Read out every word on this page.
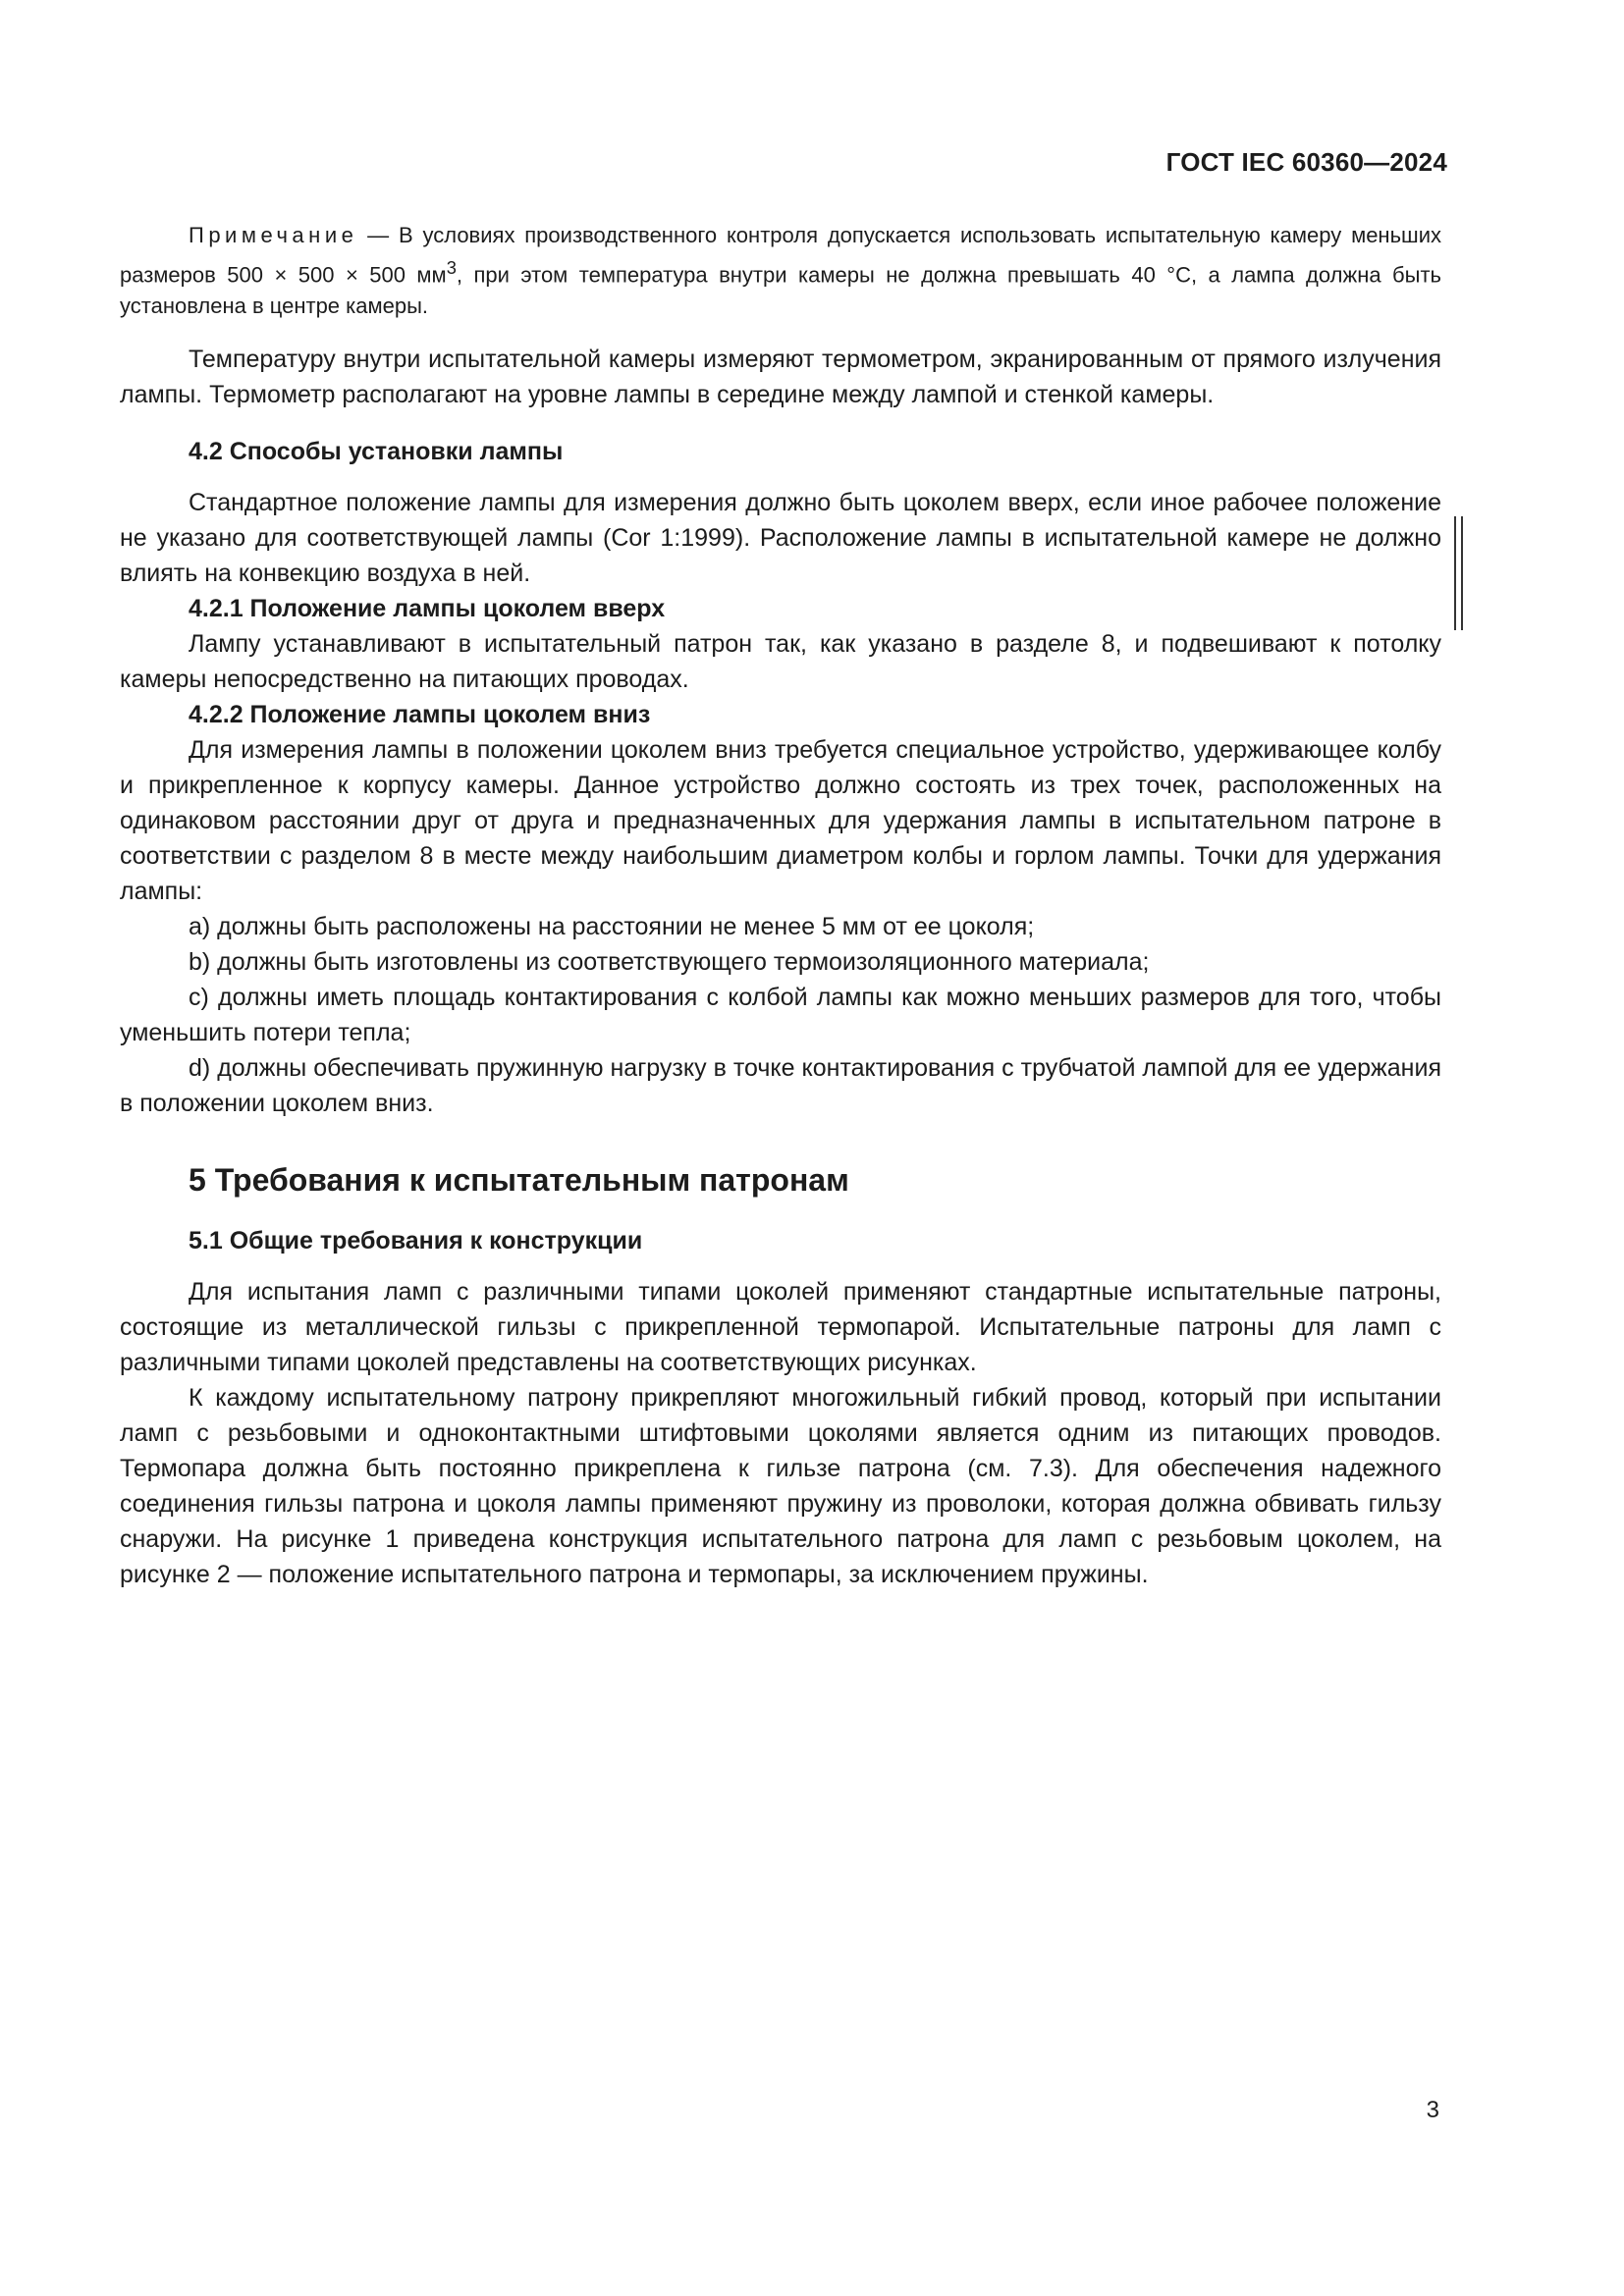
ГОСТ IEC 60360—2024

Примечание — В условиях производственного контроля допускается использовать испытательную камеру меньших размеров 500 × 500 × 500 $мм^3$, при этом температура внутри камеры не должна превышать 40 °C, а лампа должна быть установлена в центре камеры.

Температуру внутри испытательной камеры измеряют термометром, экранированным от прямого излучения лампы. Термометр располагают на уровне лампы в середине между лампой и стенкой камеры.

4.2 Способы установки лампы

Стандартное положение лампы для измерения должно быть цоколем вверх, если иное рабочее положение не указано для соответствующей лампы (Cor 1:1999). Расположение лампы в испытательной камере не должно влиять на конвекцию воздуха в ней.

4.2.1 Положение лампы цоколем вверх

Лампу устанавливают в испытательный патрон так, как указано в разделе 8, и подвешивают к потолку камеры непосредственно на питающих проводах.

4.2.2 Положение лампы цоколем вниз

Для измерения лампы в положении цоколем вниз требуется специальное устройство, удерживающее колбу и прикрепленное к корпусу камеры. Данное устройство должно состоять из трех точек, расположенных на одинаковом расстоянии друг от друга и предназначенных для удержания лампы в испытательном патроне в соответствии с разделом 8 в месте между наибольшим диаметром колбы и горлом лампы. Точки для удержания лампы:

a) должны быть расположены на расстоянии не менее 5 мм от ее цоколя;

b) должны быть изготовлены из соответствующего термоизоляционного материала;

c) должны иметь площадь контактирования с колбой лампы как можно меньших размеров для того, чтобы уменьшить потери тепла;

d) должны обеспечивать пружинную нагрузку в точке контактирования с трубчатой лампой для ее удержания в положении цоколем вниз.

5 Требования к испытательным патронам
5.1 Общие требования к конструкции

Для испытания ламп с различными типами цоколей применяют стандартные испытательные патроны, состоящие из металлической гильзы с прикрепленной термопарой. Испытательные патроны для ламп с различными типами цоколей представлены на соответствующих рисунках.

К каждому испытательному патрону прикрепляют многожильный гибкий провод, который при испытании ламп с резьбовыми и одноконтактными штифтовыми цоколями является одним из питающих проводов. Термопара должна быть постоянно прикреплена к гильзе патрона (см. 7.3). Для обеспечения надежного соединения гильзы патрона и цоколя лампы применяют пружину из проволоки, которая должна обвивать гильзу снаружи. На рисунке 1 приведена конструкция испытательного патрона для ламп с резьбовым цоколем, на рисунке 2 — положение испытательного патрона и термопары, за исключением пружины.

3
